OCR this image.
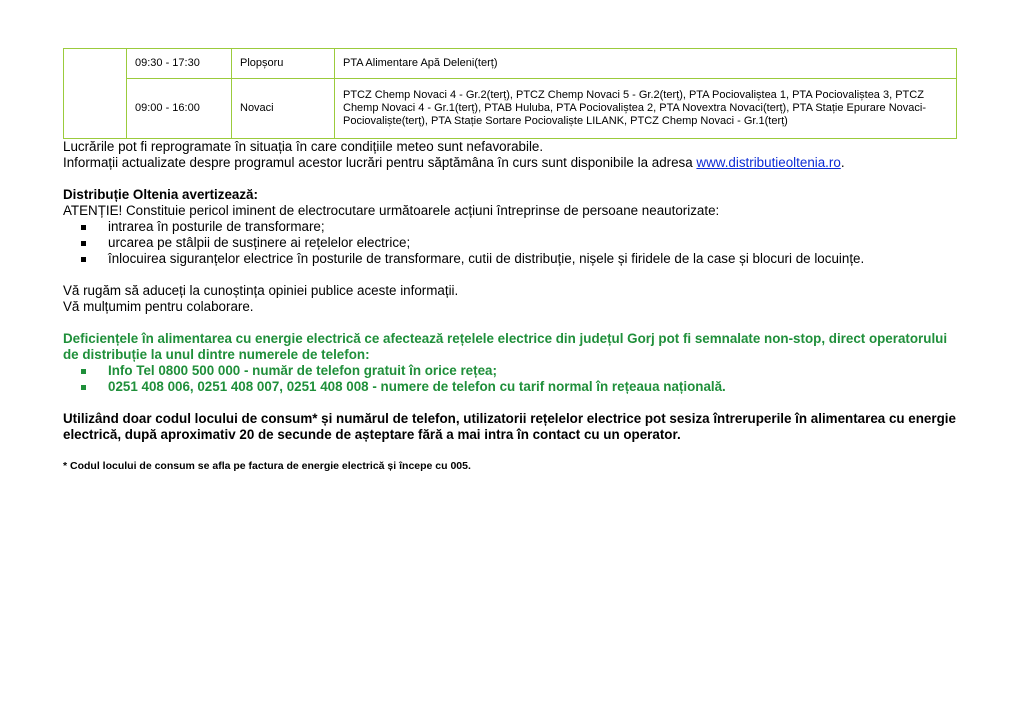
	09:30 - 17:30	Plopșoru	PTA Alimentare Apă Deleni(terț)
	09:00 - 16:00	Novaci	PTCZ Chemp Novaci 4 - Gr.2(terț), PTCZ Chemp Novaci 5 - Gr.2(terț), PTA Pociovaliștea 1, PTA Pociovaliștea 3, PTCZ Chemp Novaci 4 - Gr.1(terț), PTAB Huluba, PTA Pociovaliștea 2, PTA Novextra Novaci(terț), PTA Stație Epurare Novaci-Pociovaliște(terț), PTA Stație Sortare Pociovaliște LILANK, PTCZ Chemp Novaci - Gr.1(terț)

Lucrările pot fi reprogramate în situația în care condițiile meteo sunt nefavorabile.

Informații actualizate despre programul acestor lucrări pentru săptămâna în curs sunt disponibile la adresa www.distributieoltenia.ro.

Distribuție Oltenia avertizează:

ATENȚIE! Constituie pericol iminent de electrocutare următoarele acțiuni întreprinse de persoane neautorizate:

intrarea în posturile de transformare;
urcarea pe stâlpii de susținere ai rețelelor electrice;
înlocuirea siguranțelor electrice în posturile de transformare, cutii de distribuție, nișele și firidele de la case și blocuri de locuințe.

Vă rugăm să aduceți la cunoștința opiniei publice aceste informații.

Vă mulțumim pentru colaborare.

Deficiențele în alimentarea cu energie electrică ce afectează rețelele electrice din județul Gorj pot fi semnalate non-stop, direct operatorului de distribuție la unul dintre numerele de telefon:

Info Tel 0800 500 000 - număr de telefon gratuit în orice rețea;
0251 408 006, 0251 408 007, 0251 408 008 - numere de telefon cu tarif normal în rețeaua națională.

Utilizând doar codul locului de consum* și numărul de telefon, utilizatorii rețelelor electrice pot sesiza întreruperile în alimentarea cu energie electrică, după aproximativ 20 de secunde de așteptare fără a mai intra în contact cu un operator.

* Codul locului de consum se afla pe factura de energie electrică și începe cu 005.
